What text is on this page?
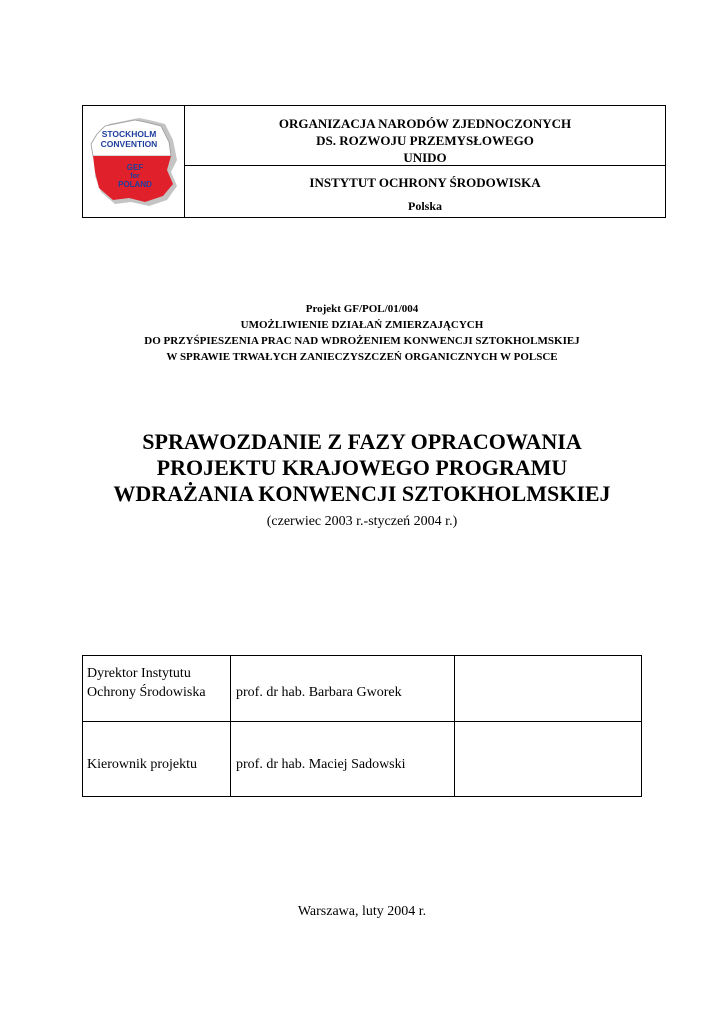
STOCKHOLM
CONVENTION
GEF
for
POLAND
ORGANIZACJA NARODÓW ZJEDNOCZONYCH
DS. ROZWOJU PRZEMYSŁOWEGO
UNIDO
INSTYTUT OCHRONY ŚRODOWISKA
Polska
Projekt GF/POL/01/004
UMOŻLIWIENIE DZIAŁAŃ ZMIERZAJĄCYCH
DO PRZYŚPIESZENIA PRAC NAD WDROŻENIEM KONWENCJI SZTOKHOLMSKIEJ
W SPRAWIE TRWAŁYCH ZANIECZYSZCZEŃ ORGANICZNYCH W POLSCE
SPRAWOZDANIE Z FAZY OPRACOWANIA
PROJEKTU KRAJOWEGO PROGRAMU
WDRAŻANIA KONWENCJI SZTOKHOLMSKIEJ
(czerwiec 2003 r.-styczeń 2004 r.)
Dyrektor Instytutu
Ochrony Środowiska	prof. dr hab. Barbara Gworek
Kierownik projektu	prof. dr hab. Maciej Sadowski
Warszawa, luty 2004 r.
